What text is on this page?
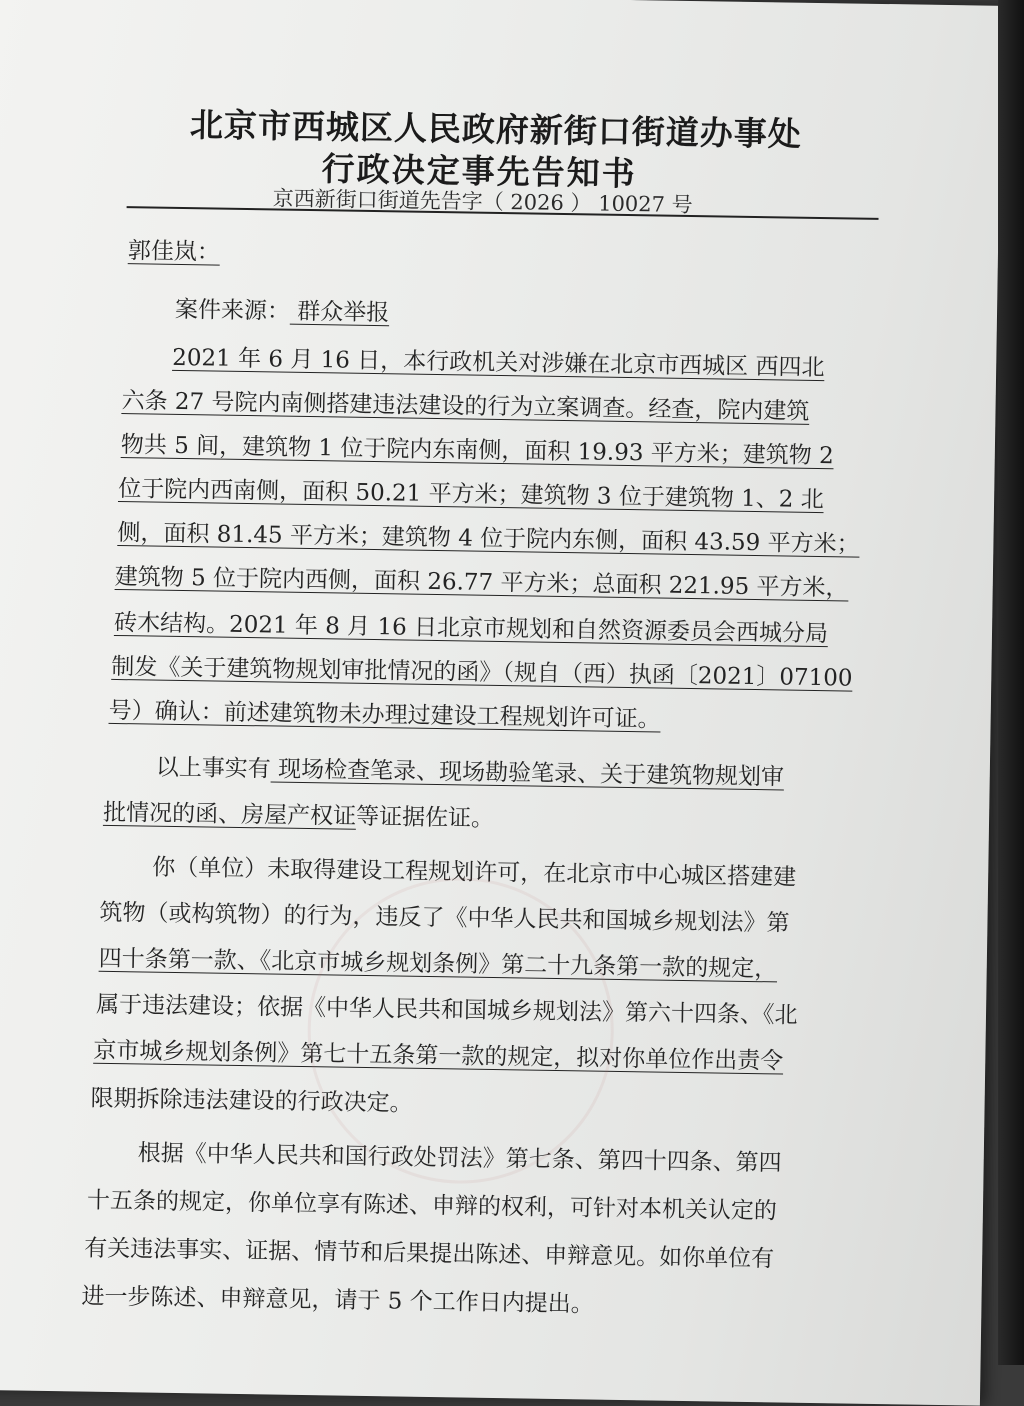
北京市西城区人民政府新街口街道办事处
行政决定事先告知书
京西新街口街道先告字（ 2026 ） 10027 号
郭佳岚：
案件来源： 群众举报
2021 年 6 月 16 日，本行政机关对涉嫌在北京市西城区 西四北
六条 27 号院内南侧搭建违法建设的行为立案调查。经查，院内建筑
物共 5 间，建筑物 1 位于院内东南侧，面积 19.93 平方米；建筑物 2
位于院内西南侧，面积 50.21 平方米；建筑物 3 位于建筑物 1、2 北
侧，面积 81.45 平方米；建筑物 4 位于院内东侧，面积 43.59 平方米；
建筑物 5 位于院内西侧，面积 26.77 平方米；总面积 221.95 平方米，
砖木结构。2021 年 8 月 16 日北京市规划和自然资源委员会西城分局
制发《关于建筑物规划审批情况的函》（规自（西）执函〔2021〕07100
号）确认：前述建筑物未办理过建设工程规划许可证。
以上事实有 现场检查笔录、现场勘验笔录、关于建筑物规划审
批情况的函、房屋产权证等证据佐证。
你（单位）未取得建设工程规划许可，在北京市中心城区搭建建
筑物（或构筑物）的行为，违反了《中华人民共和国城乡规划法》第
四十条第一款、《北京市城乡规划条例》第二十九条第一款的规定，
属于违法建设；依据《中华人民共和国城乡规划法》第六十四条、《北
京市城乡规划条例》第七十五条第一款的规定，拟对你单位作出责令
限期拆除违法建设的行政决定。
根据《中华人民共和国行政处罚法》第七条、第四十四条、第四
十五条的规定，你单位享有陈述、申辩的权利，可针对本机关认定的
有关违法事实、证据、情节和后果提出陈述、申辩意见。如你单位有
进一步陈述、申辩意见，请于 5 个工作日内提出。
